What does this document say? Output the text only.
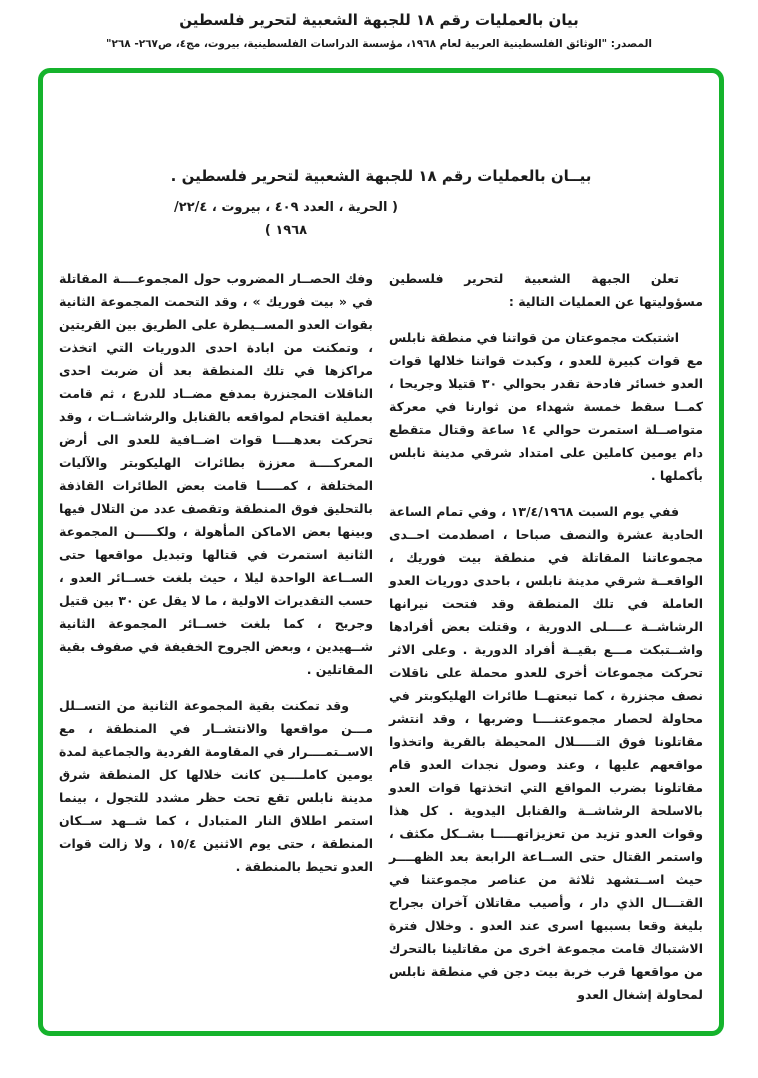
بيان بالعمليات رقم ١٨ للجبهة الشعبية لتحرير فلسطين
المصدر: "الوثائق الفلسطينية العربية لعام ١٩٦٨، مؤسسة الدراسات الفلسطينية، بيروت، مج٤، ص٢٦٧- ٢٦٨"
بيــان بالعمليات رقم ١٨ للجبهة الشعبية لتحرير فلسطين .
( الحرية ، العدد ٤٠٩ ، بيروت ، ٢٢/٤/
١٩٦٨ )

تعلن الجبهة الشعبية لتحرير فلسطين مسؤوليتها عن العمليات التالية :

اشتبكت مجموعتان من قواتنا في منطقة نابلس مع قوات كبيرة للعدو ، وكبدت قواتنا خلالها قوات العدو خسائر فادحة تقدر بحوالي ٣٠ قتيلا وجريحا ، كمــا سقط خمسة شهداء من ثوارنا في معركة متواصــلة استمرت حوالي ١٤ ساعة وقتال متقطع دام يومين كاملين على امتداد شرقي مدينة نابلس بأكملها .

ففي يوم السبت ١٣/٤/١٩٦٨ ، وفي تمام الساعة الحادية عشرة والنصف صباحا ، اصطدمت احــدى مجموعاتنا المقاتلة في منطقة بيت فوريك ، الواقعــة شرقي مدينة نابلس ، باحدى دوريات العدو العاملة في تلك المنطقة وقد فتحت نيرانها الرشاشــة عــــلى الدورية ، وقتلت بعض أفرادها واشــتبكت مـــع بقيــة أفراد الدورية . وعلى الاثر تحركت مجموعات أخرى للعدو محملة على ناقلات نصف مجنزرة ، كما تبعتهــا طائرات الهليكوبتر في محاولة لحصار مجموعتنــــا وضربها ، وقد انتشر مقاتلونا فوق التـــــلال المحيطة بالقرية واتخذوا مواقعهم عليها ، وعند وصول نجدات العدو قام مقاتلونا بضرب المواقع التي اتخذتها قوات العدو بالاسلحة الرشاشــة والقنابل اليدوية . كل هذا وقوات العدو تزيد من تعزيزاتهـــــا بشــكل مكثف ، واستمر القتال حتى الســاعة الرابعة بعد الظهــــر حيث اســتشهد ثلاثة من عناصر مجموعتنا في القتـــال الذي دار ، وأصيب مقاتلان آخران بجراح بليغة وقعا بسببها اسرى عند العدو . وخلال فترة الاشتباك قامت مجموعة اخرى من مقاتلينا بالتحرك من مواقعها قرب خربة بيت دجن في منطقة نابلس لمحاولة إشغال العدو

وفك الحصــار المضروب حول المجموعــــة المقاتلة في « بيت فوريك » ، وقد التحمت المجموعة الثانية بقوات العدو المســيطرة على الطريق بين القريتين ، وتمكنت من ابادة احدى الدوريات التي اتخذت مراكزها في تلك المنطقة بعد أن ضربت احدى الناقلات المجنزرة بمدفع مضــاد للدرع ، ثم قامت بعملية اقتحام لمواقعه بالقنابل والرشاشــات ، وقد تحركت بعدهــــا قوات اضــافية للعدو الى أرض المعركــــة معززة بطائرات الهليكوبتر والآليات المختلفة ، كمـــــا قامت بعض الطائرات القاذفة بالتحليق فوق المنطقة وتقصف عدد من التلال فيها وبينها بعض الاماكن المأهولة ، ولكـــــن المجموعة الثانية استمرت في قتالها وتبديل مواقعها حتى الســاعة الواحدة ليلا ، حيث بلغت خســائر العدو ، حسب التقديرات الاولية ، ما لا يقل عن ٣٠ بين قتيل وجريح ، كما بلغت خســائر المجموعة الثانية شــهيدين ، وبعض الجروح الخفيفة في صفوف بقية المقاتلين .

وقد تمكنت بقية المجموعة الثانية من التســلل مـــن مواقعها والانتشــار في المنطقة ، مع الاســتمــــرار في المقاومة الفردية والجماعية لمدة يومين كاملــــين كانت خلالها كل المنطقة شرق مدينة نابلس تقع تحت حظر مشدد للتجول ، بينما استمر اطلاق النار المتبادل ، كما شــهد ســكان المنطقة ، حتى يوم الاثنين ١٥/٤ ، ولا زالت قوات العدو تحيط بالمنطقة .
